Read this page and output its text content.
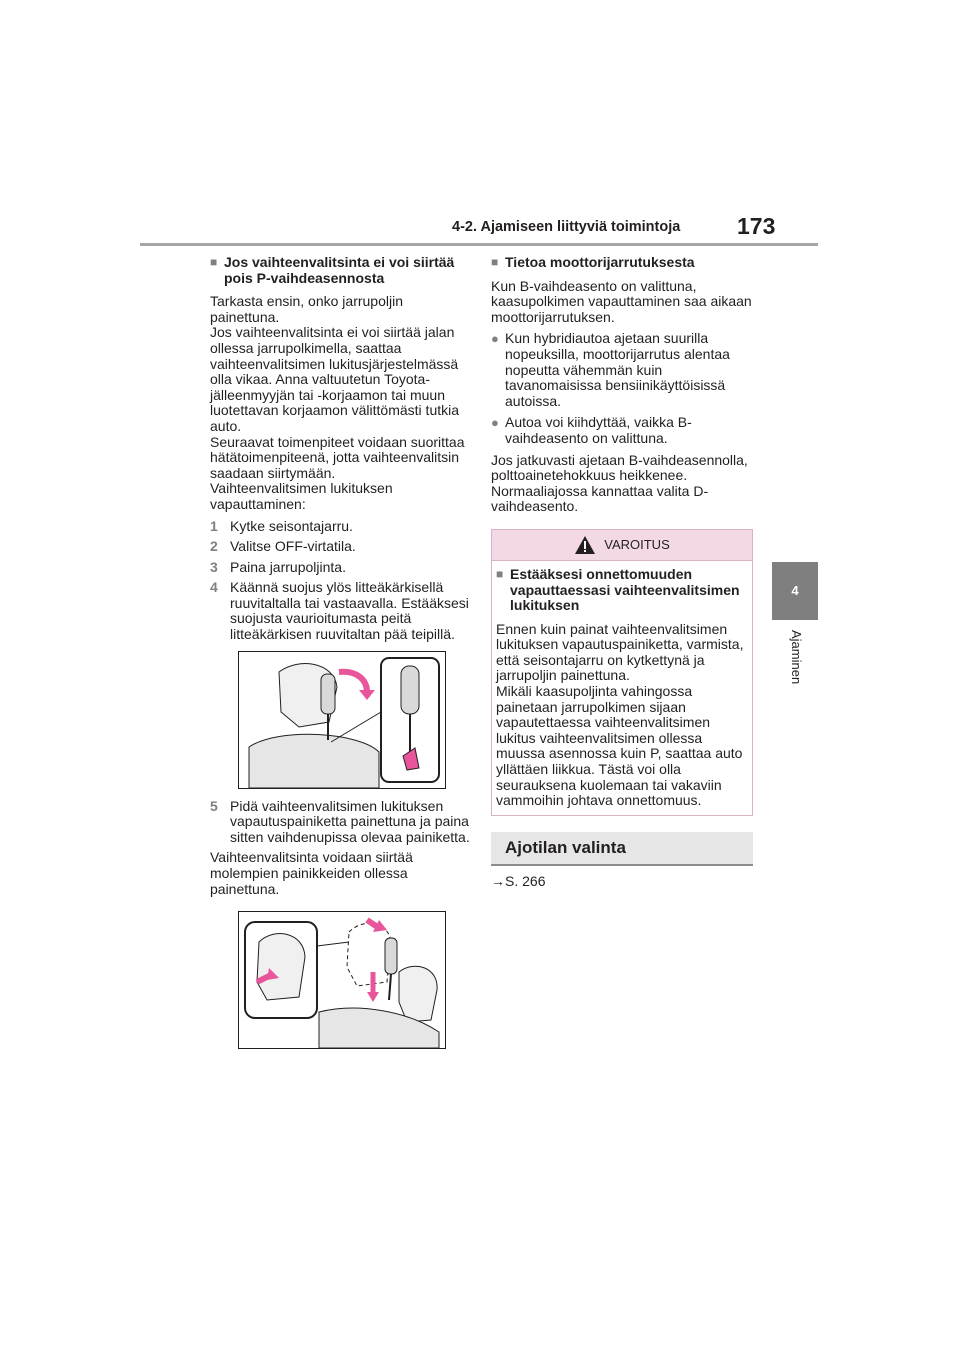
4-2. Ajamiseen liittyviä toimintoja 173
4
Ajaminen
■ Jos vaihteenvalitsinta ei voi siirtää pois P-vaihdeasennosta

Tarkasta ensin, onko jarrupoljin painettuna.

Jos vaihteenvalitsinta ei voi siirtää jalan ollessa jarrupolkimella, saattaa vaihteenvalitsimen lukitusjärjestelmässä olla vikaa. Anna valtuutetun Toyota-jälleenmyyjän tai -korjaamon tai muun luotettavan korjaamon välittömästi tutkia auto.

Seuraavat toimenpiteet voidaan suorittaa hätätoimenpiteenä, jotta vaihteenvalitsin saadaan siirtymään.

Vaihteenvalitsimen lukituksen vapauttaminen:

1 Kytke seisontajarru.
2 Valitse OFF-virtatila.
3 Paina jarrupoljinta.
4 Käännä suojus ylös litteäkärkisellä ruuvitaltalla tai vastaavalla. Estääksesi suojusta vaurioitumasta peitä litteäkärkisen ruuvitaltan pää teipillä.
5 Pidä vaihteenvalitsimen lukituksen vapautuspainiketta painettuna ja paina sitten vaihdenupissa olevaa painiketta.

Vaihteenvalitsinta voidaan siirtää molempien painikkeiden ollessa painettuna.

■ Tietoa moottorijarrutuksesta

Kun B-vaihdeasento on valittuna, kaasupolkimen vapauttaminen saa aikaan moottorijarrutuksen.

● Kun hybridiautoa ajetaan suurilla nopeuksilla, moottorijarrutus alentaa nopeutta vähemmän kuin tavanomaisissa bensiinikäyttöisissä autoissa.
● Autoa voi kiihdyttää, vaikka B-vaihdeasento on valittuna.

Jos jatkuvasti ajetaan B-vaihdeasennolla, polttoainetehokkuus heikkenee. Normaaliajossa kannattaa valita D-vaihdeasento.

VAROITUS
■ Estääksesi onnettomuuden vapauttaessasi vaihteenvalitsimen lukituksen

Ennen kuin painat vaihteenvalitsimen lukituksen vapautuspainiketta, varmista, että seisontajarru on kytkettynä ja jarrupoljin painettuna.

Mikäli kaasupoljinta vahingossa painetaan jarrupolkimen sijaan vapautettaessa vaihteenvalitsimen lukitus vaihteenvalitsimen ollessa muussa asennossa kuin P, saattaa auto yllättäen liikkua. Tästä voi olla seurauksena kuolemaan tai vakaviin vammoihin johtava onnettomuus.

Ajotilan valinta

→S. 266
